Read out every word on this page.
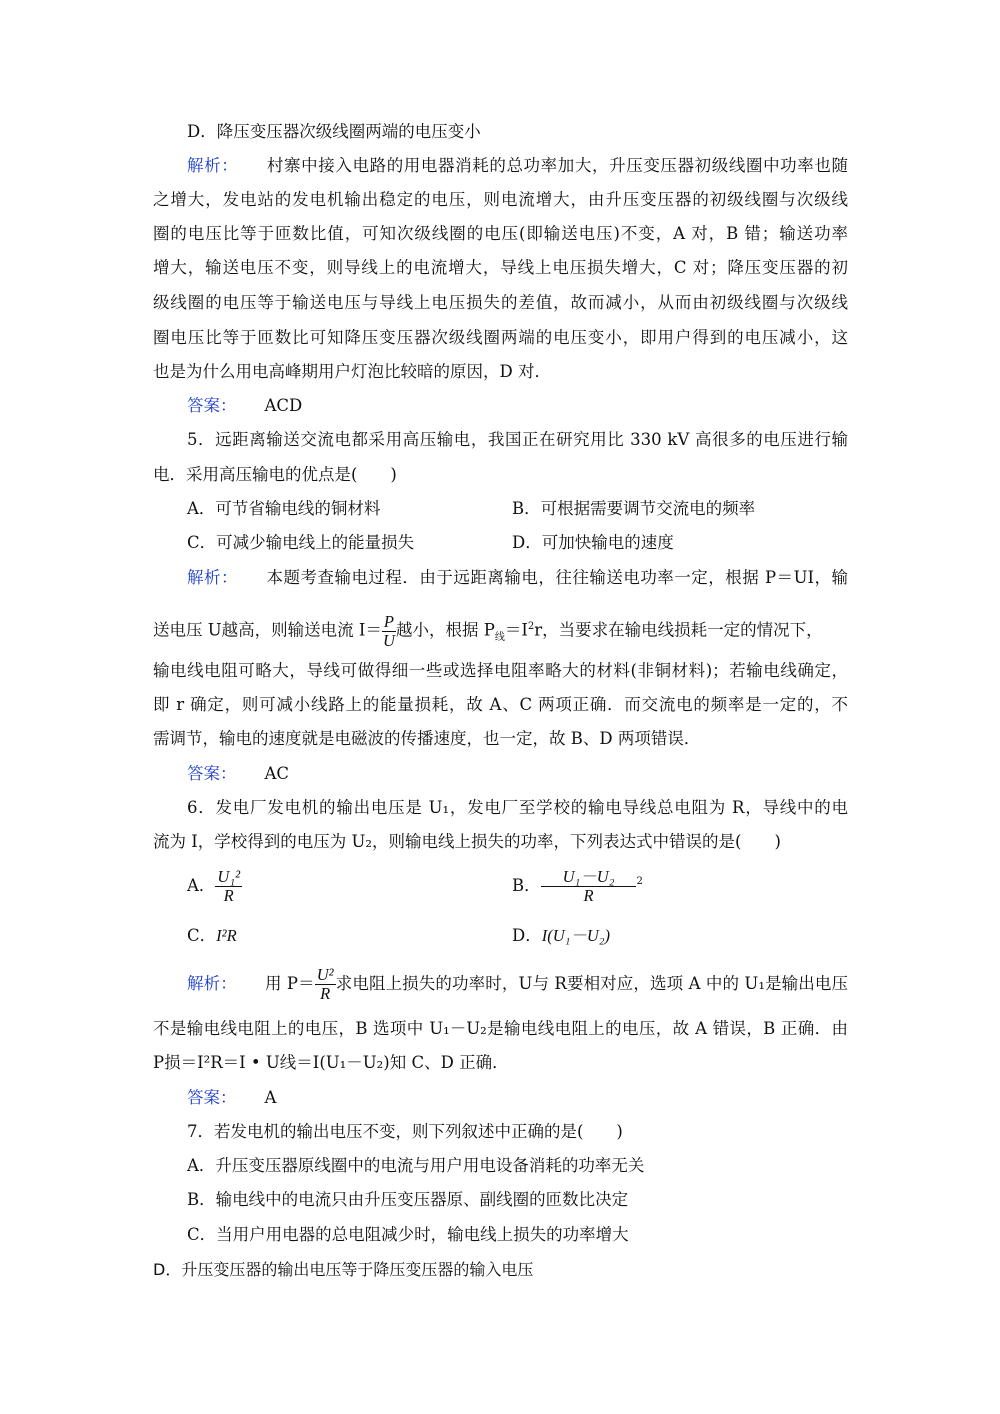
D．降压变压器次级线圈两端的电压变小
解析： 村寨中接入电路的用电器消耗的总功率加大，升压变压器初级线圈中功率也随
之增大，发电站的发电机输出稳定的电压，则电流增大，由升压变压器的初级线圈与次级线
圈的电压比等于匝数比值，可知次级线圈的电压(即输送电压)不变，A 对，B 错；输送功率
增大，输送电压不变，则导线上的电流增大，导线上电压损失增大，C 对；降压变压器的初
级线圈的电压等于输送电压与导线上电压损失的差值，故而减小，从而由初级线圈与次级线
圈电压比等于匝数比可知降压变压器次级线圈两端的电压变小，即用户得到的电压减小，这
也是为什么用电高峰期用户灯泡比较暗的原因，D 对．
答案： ACD
5．远距离输送交流电都采用高压输电，我国正在研究用比 330 kV 高很多的电压进行输
电．采用高压输电的优点是(　　)
A．可节省输电线的铜材料	B．可根据需要调节交流电的频率
C．可减少输电线上的能量损失	D．可加快输电的速度
解析： 本题考查输电过程．由于远距离输电，往往输送电功率一定，根据 P＝UI，输
送电压 U越高，则输送电流 $I= \frac{P}{U}$ 越小，根据 $P_线=I^2r$，当要求在输电线损耗一定的情况下，
输电线电阻可略大，导线可做得细一些或选择电阻率略大的材料(非铜材料)；若输电线确定，
即 r 确定，则可减小线路上的能量损耗，故 A、C 两项正确．而交流电的频率是一定的，不
需调节，输电的速度就是电磁波的传播速度，也一定，故 B、D 两项错误．
答案： AC
6．发电厂发电机的输出电压是 U₁，发电厂至学校的输电导线总电阻为 R，导线中的电
流为 I，学校得到的电压为 U₂，则输电线上损失的功率，下列表达式中错误的是(　　)
A． $\frac{\text{U₁²}}{R}$	B． $\frac{\text{U₁－U₂}}{R} ^2$
C．I²R	D．I(U₁－U₂)
解析： 用 $P= \frac{\text{U²}}{R}$ 求电阻上损失的功率时，U与 R要相对应，选项 A 中的 U₁是输出电压
不是输电线电阻上的电压，B 选项中 U₁－U₂是输电线电阻上的电压，故 A 错误，B 正确．由
P损＝I²R＝I • U线＝I(U₁－U₂)知 C、D 正确．
答案： A
7．若发电机的输出电压不变，则下列叙述中正确的是(　　)
A．升压变压器原线圈中的电流与用户用电设备消耗的功率无关
B．输电线中的电流只由升压变压器原、副线圈的匝数比决定
C．当用户用电器的总电阻减少时，输电线上损失的功率增大
D．升压变压器的输出电压等于降压变压器的输入电压
